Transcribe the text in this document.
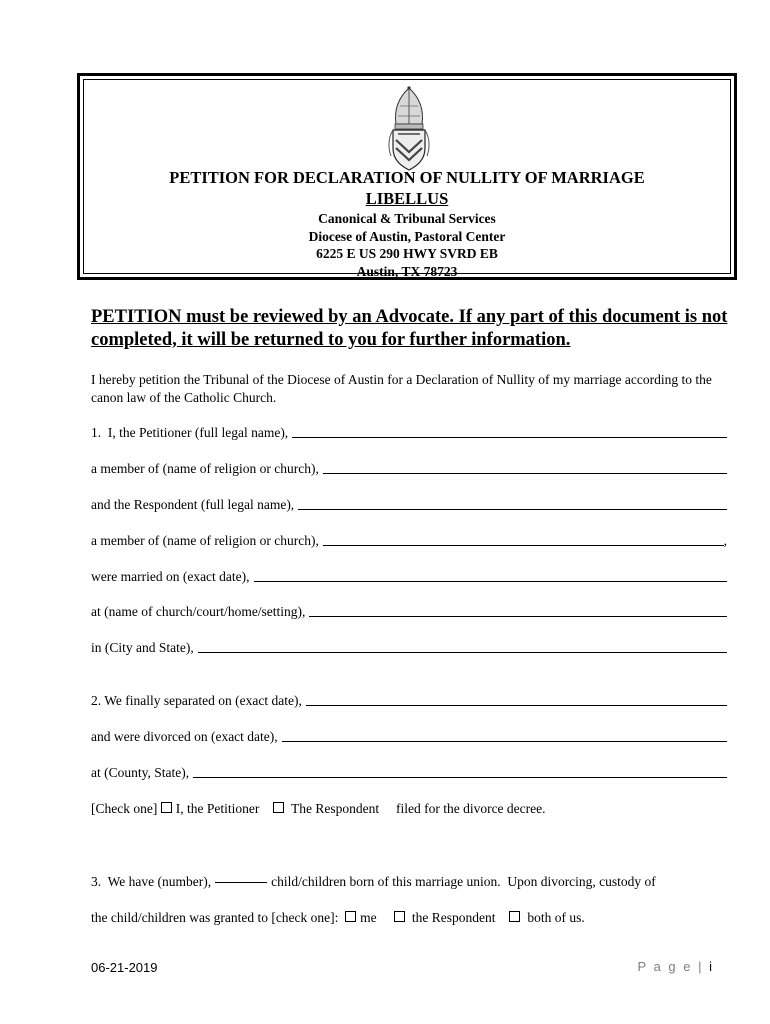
PETITION FOR DECLARATION OF NULLITY OF MARRIAGE
LIBELLUS
Canonical & Tribunal Services
Diocese of Austin, Pastoral Center
6225 E US 290 HWY SVRD EB
Austin, TX 78723
PETITION must be reviewed by an Advocate. If any part of this document is not completed, it will be returned to you for further information.
I hereby petition the Tribunal of the Diocese of Austin for a Declaration of Nullity of my marriage according to the canon law of the Catholic Church.
1.  I, the Petitioner (full legal name),
a member of (name of religion or church),
and the Respondent (full legal name),
a member of (name of religion or church),	,
were married on (exact date),
at (name of church/court/home/setting),
in (City and State),
2. We finally separated on (exact date),
and were divorced on (exact date),
at (County, State),
[Check one] I, the Petitioner The Respondent filed for the divorce decree.
3.  We have (number),	child/children born of this marriage union.  Upon divorcing, custody of
the child/children was granted to [check one]: me	the Respondent both of us.
06-21-2019	P a g e | i
